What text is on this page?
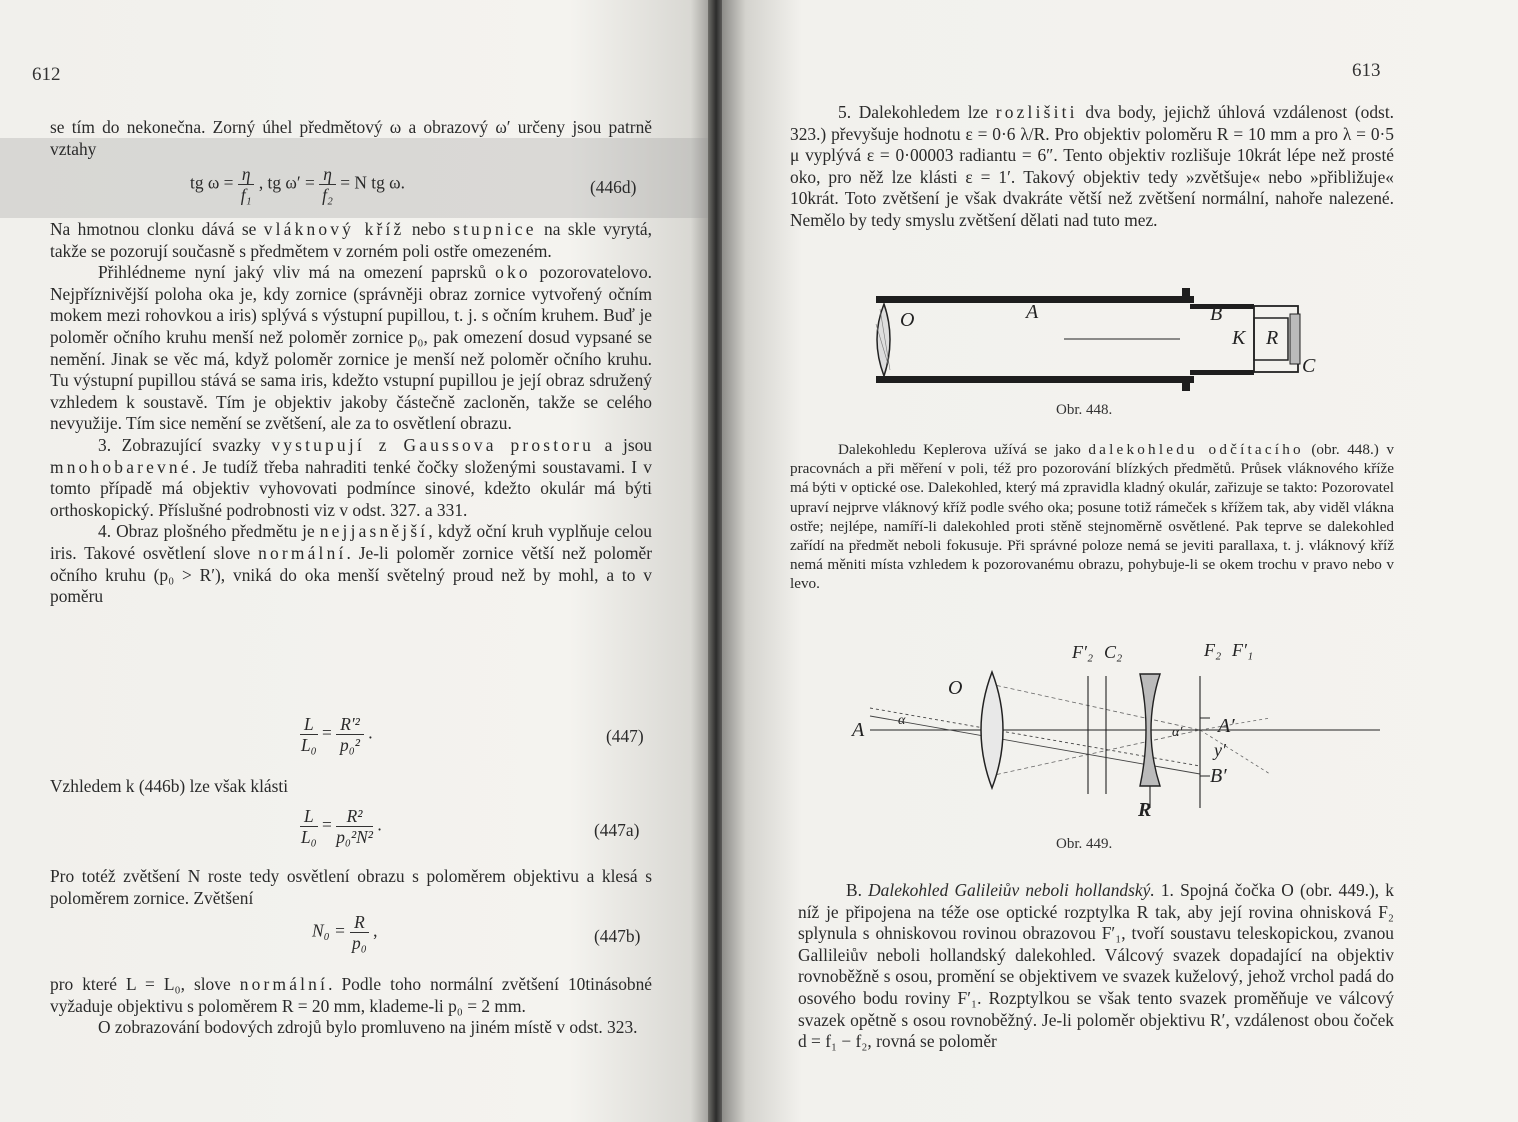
612

se tím do nekonečna. Zorný úhel předmětový ω a obrazový ω′ určeny jsou patrně vztahy

tg $\omega = \frac{\eta}{\text{f₁}}$ , tg $\omega' = \frac{\eta}{\text{f₂}} = N$ tg ω.	(446d)

Na hmotnou clonku dává se vláknový kříž nebo stupnice na skle vyrytá, takže se pozorují současně s předmětem v zorném poli ostře omezeném.

Přihlédneme nyní jaký vliv má na omezení paprsků oko pozorovatelovo. Nejpříznivější poloha oka je, kdy zornice (správněji obraz zornice vytvořený očním mokem mezi rohovkou a iris) splývá s výstupní pupillou, t. j. s očním kruhem. Buď je poloměr očního kruhu menší než poloměr zornice p₀, pak omezení dosud vypsané se nemění. Jinak se věc má, když poloměr zornice je menší než poloměr očního kruhu. Tu výstupní pupillou stává se sama iris, kdežto vstupní pupillou je její obraz sdružený vzhledem k soustavě. Tím je objektiv jakoby částečně zacloněn, takže se celého nevyužije. Tím sice nemění se zvětšení, ale za to osvětlení obrazu.

3. Zobrazující svazky vystupují z Gaussova prostoru a jsou mnohobarevné. Je tudíž třeba nahraditi tenké čočky složenými soustavami. I v tomto případě má objektiv vyhovovati podmínce sinové, kdežto okulár má býti orthoskopický. Příslušné podrobnosti viz v odst. 327. a 331.

4. Obraz plošného předmětu je nejjasnější, když oční kruh vyplňuje celou iris. Takové osvětlení slove normální. Je-li poloměr zornice větší než poloměr očního kruhu (p₀ > R′), vniká do oka menší světelný proud než by mohl, a to v poměru

$\frac{L}{\text{L₀}} = \frac{\text{R′²}}{\text{p₀²}}$ .	(447)

Vzhledem k (446b) lze však klásti

$\frac{L}{\text{L₀}} = \frac{\text{R²}}{\text{p₀²N²}}$ .	(447a)

Pro totéž zvětšení N roste tedy osvětlení obrazu s poloměrem objektivu a klesá s poloměrem zornice. Zvětšení

$N_0 = \frac{R}{\text{p₀}}$ ,	(447b)

pro které L = L₀, slove normální. Podle toho normální zvětšení 10tinásobné vyžaduje objektivu s poloměrem R = 20 mm, klademe-li p₀ = 2 mm.

O zobrazování bodových zdrojů bylo promluveno na jiném místě v odst. 323.

613

5. Dalekohledem lze rozlišiti dva body, jejichž úhlová vzdálenost (odst. 323.) převyšuje hodnotu ε = 0·6 λ/R. Pro objektiv poloměru R = 10 mm a pro λ = 0·5 μ vyplývá ε = 0·00003 radiantu = 6″. Tento objektiv rozlišuje 10krát lépe než prosté oko, pro něž lze klásti ε = 1′. Takový objektiv tedy »zvětšuje« nebo »přibližuje« 10krát. Toto zvětšení je však dvakráte větší než zvětšení normální, nahoře nalezené. Nemělo by tedy smyslu zvětšení dělati nad tuto mez.

O	A	B
K R
C
Obr. 448.

Dalekohledu Keplerova užívá se jako dalekohledu odčítacího (obr. 448.) v pracovnách a při měření v poli, též pro pozorování blízkých předmětů. Průsek vláknového kříže má býti v optické ose. Dalekohled, který má zpravidla kladný okulár, zařizuje se takto: Pozorovatel upraví nejprve vláknový kříž podle svého oka; posune totiž rámeček s křížem tak, aby viděl vlákna ostře; nejlépe, namíří-li dalekohled proti stěně stejnoměrně osvětlené. Pak teprve se dalekohled zařídí na předmět neboli fokusuje. Při správné poloze nemá se jeviti parallaxa, t. j. vláknový kříž nemá měniti místa vzhledem k pozorovanému obrazu, pohybuje-li se okem trochu v pravo nebo v levo.

O
A α
F′₂ C₂	F₂ F′₁
A′
y′
B′
α′
R
Obr. 449.

B. Dalekohled Galileiův neboli hollandský. 1. Spojná čočka O (obr. 449.), k níž je připojena na téže ose optické rozptylka R tak, aby její rovina ohnisková F₂ splynula s ohniskovou rovinou obrazovou F′₁, tvoří soustavu teleskopickou, zvanou Gallileiův neboli hollandský dalekohled. Válcový svazek dopadající na objektiv rovnoběžně s osou, promění se objektivem ve svazek kuželový, jehož vrchol padá do osového bodu roviny F′₁. Rozptylkou se však tento svazek proměňuje ve válcový svazek opětně s osou rovnoběžný. Je-li poloměr objektivu R′, vzdálenost obou čoček d = f₁ − f₂, rovná se poloměr
